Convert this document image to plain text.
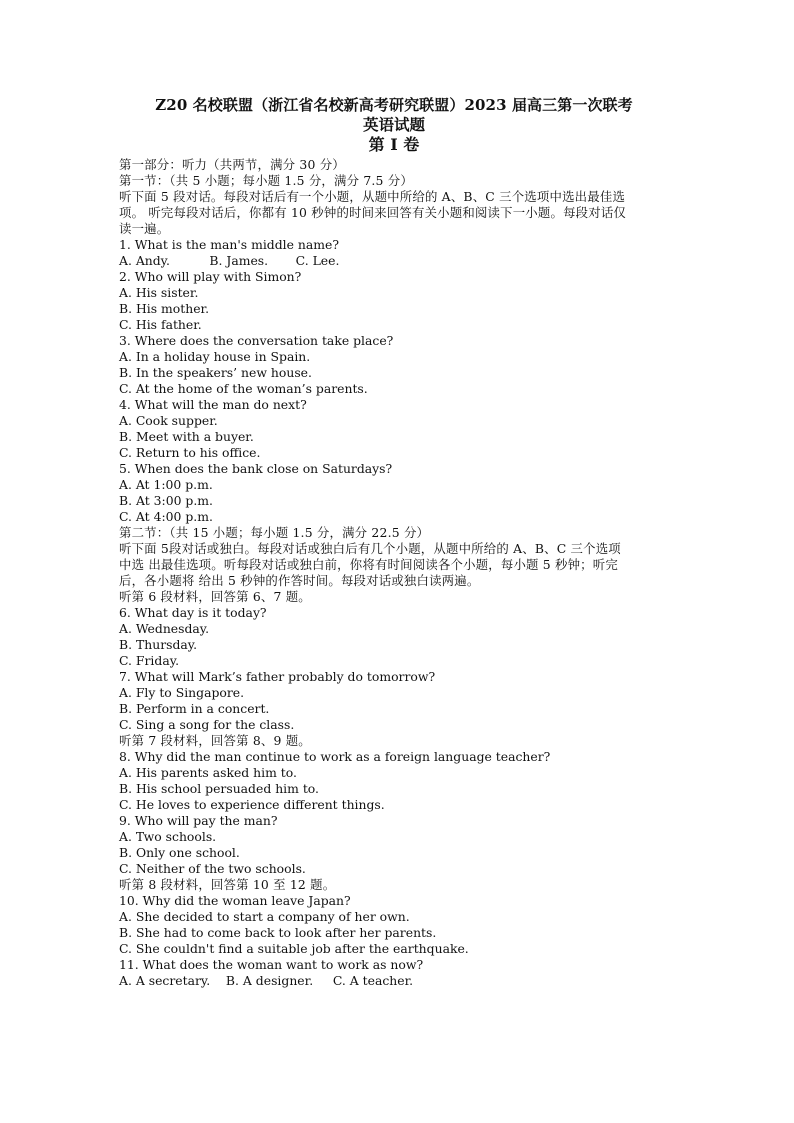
Z20 名校联盟（浙江省名校新高考研究联盟）2023 届高三第一次联考
英语试题
第 I 卷
第一部分：听力（共两节，满分 30 分）
第一节：（共 5 小题；每小题 1.5 分，满分 7.5 分）
听下面 5 段对话。每段对话后有一个小题，从题中所给的 A、B、C 三个选项中选出最佳选
项。 听完每段对话后，你都有 10 秒钟的时间来回答有关小题和阅读下一小题。每段对话仅
读一遍。
1. What is the man's middle name?
A. Andy.          B. James.       C. Lee.
2. Who will play with Simon?
A. His sister.
B. His mother.
C. His father.
3. Where does the conversation take place?
A. In a holiday house in Spain.
B. In the speakers’ new house.
C. At the home of the woman’s parents.
4. What will the man do next?
A. Cook supper.
B. Meet with a buyer.
C. Return to his office.
5. When does the bank close on Saturdays?
A. At 1:00 p.m.
B. At 3:00 p.m.
C. At 4:00 p.m.
第二节：（共 15 小题；每小题 1.5 分，满分 22.5 分）
听下面 5段对话或独白。每段对话或独白后有几个小题，从题中所给的 A、B、C 三个选项
中选 出最佳选项。听每段对话或独白前，你将有时间阅读各个小题，每小题 5 秒钟；听完
后，各小题将 给出 5 秒钟的作答时间。每段对话或独白读两遍。
听第 6 段材料，回答第 6、7 题。
6. What day is it today?
A. Wednesday.
B. Thursday.
C. Friday.
7. What will Mark’s father probably do tomorrow?
A. Fly to Singapore.
B. Perform in a concert.
C. Sing a song for the class.
听第 7 段材料，回答第 8、9 题。
8. Why did the man continue to work as a foreign language teacher?
A. His parents asked him to.
B. His school persuaded him to.
C. He loves to experience different things.
9. Who will pay the man?
A. Two schools.
B. Only one school.
C. Neither of the two schools.
听第 8 段材料，回答第 10 至 12 题。
10. Why did the woman leave Japan?
A. She decided to start a company of her own.
B. She had to come back to look after her parents.
C. She couldn't find a suitable job after the earthquake.
11. What does the woman want to work as now?
A. A secretary.    B. A designer.     C. A teacher.
